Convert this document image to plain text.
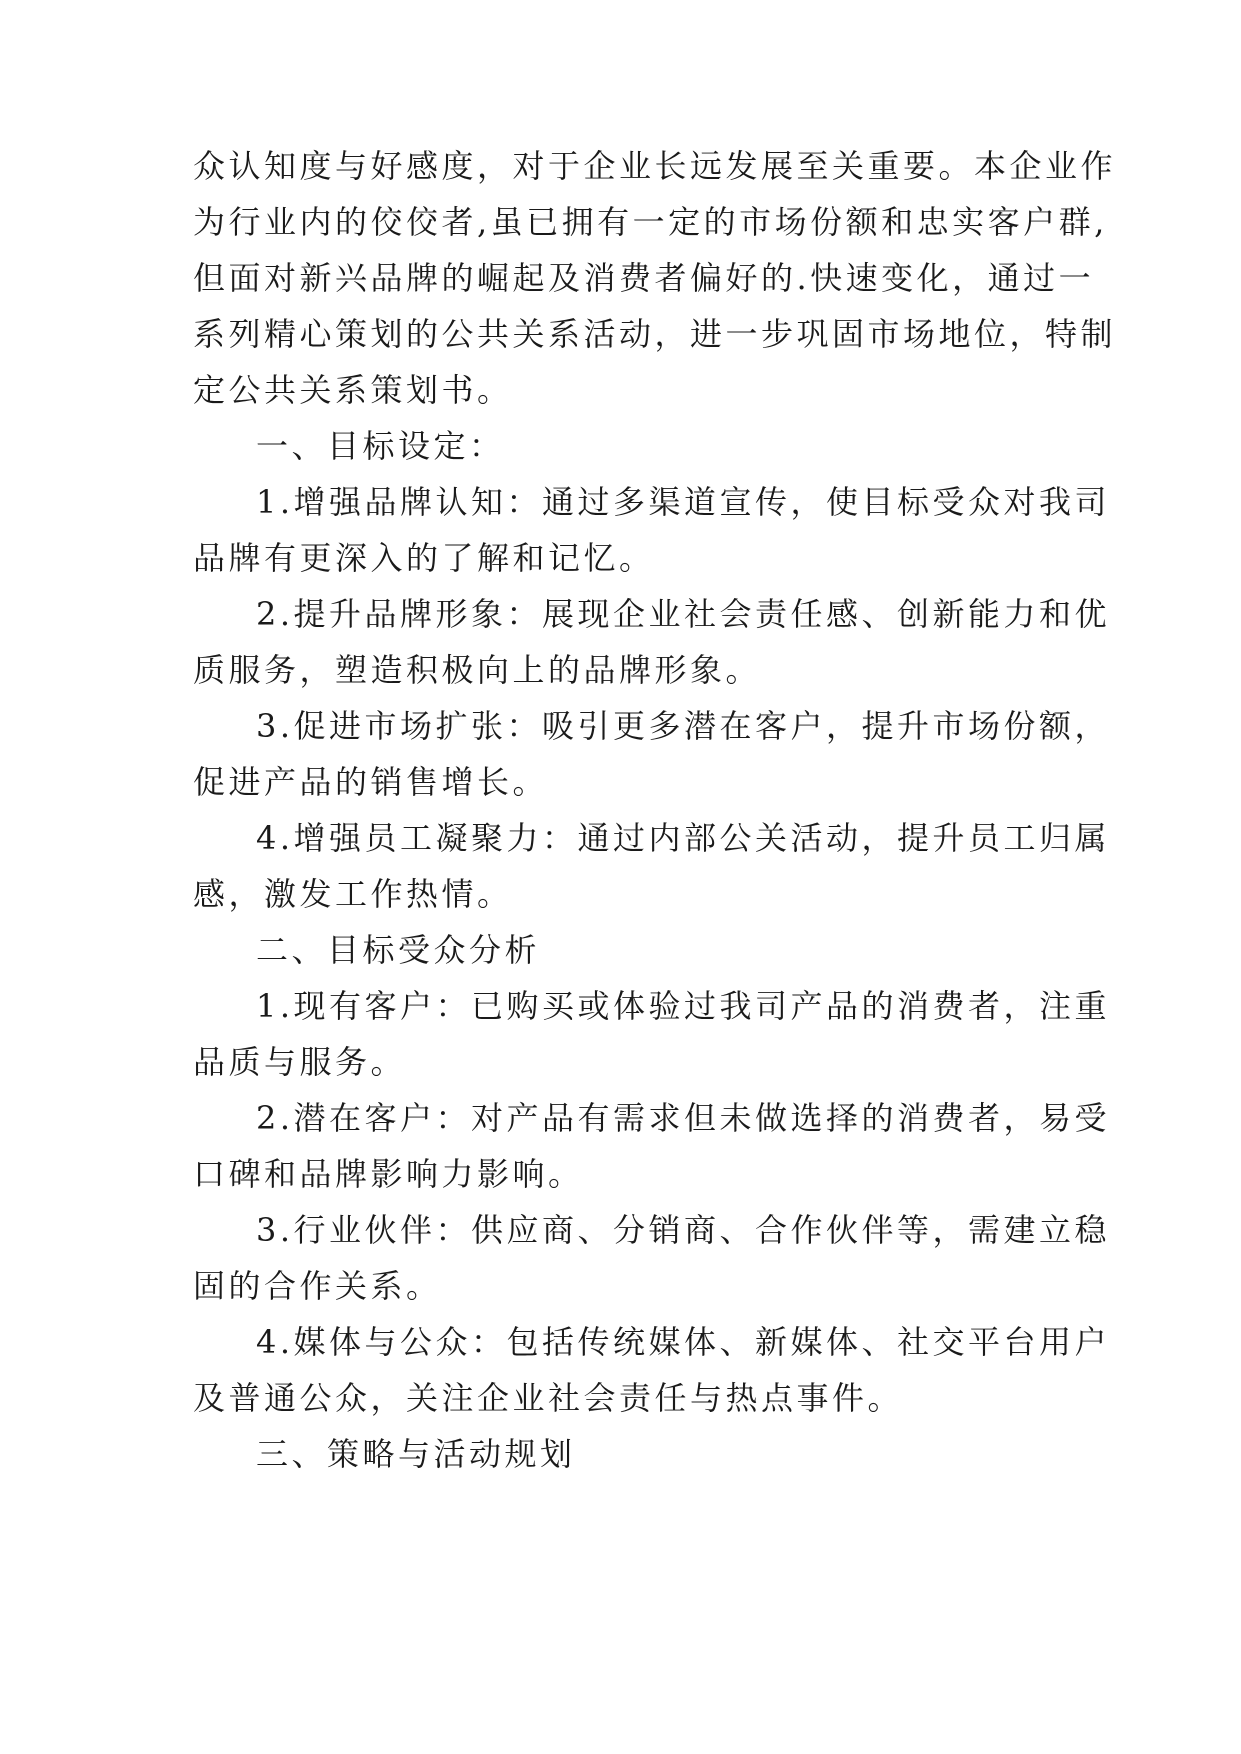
众认知度与好感度，对于企业长远发展至关重要。本企业作
为行业内的佼佼者,虽已拥有一定的市场份额和忠实客户群,
但面对新兴品牌的崛起及消费者偏好的.快速变化，通过一
系列精心策划的公共关系活动，进一步巩固市场地位，特制
定公共关系策划书。
一、目标设定：
1.增强品牌认知：通过多渠道宣传，使目标受众对我司
品牌有更深入的了解和记忆。
2.提升品牌形象：展现企业社会责任感、创新能力和优
质服务，塑造积极向上的品牌形象。
3.促进市场扩张：吸引更多潜在客户，提升市场份额，
促进产品的销售增长。
4.增强员工凝聚力：通过内部公关活动，提升员工归属
感，激发工作热情。
二、目标受众分析
1.现有客户：已购买或体验过我司产品的消费者，注重
品质与服务。
2.潜在客户：对产品有需求但未做选择的消费者，易受
口碑和品牌影响力影响。
3.行业伙伴：供应商、分销商、合作伙伴等，需建立稳
固的合作关系。
4.媒体与公众：包括传统媒体、新媒体、社交平台用户
及普通公众，关注企业社会责任与热点事件。
三、策略与活动规划
